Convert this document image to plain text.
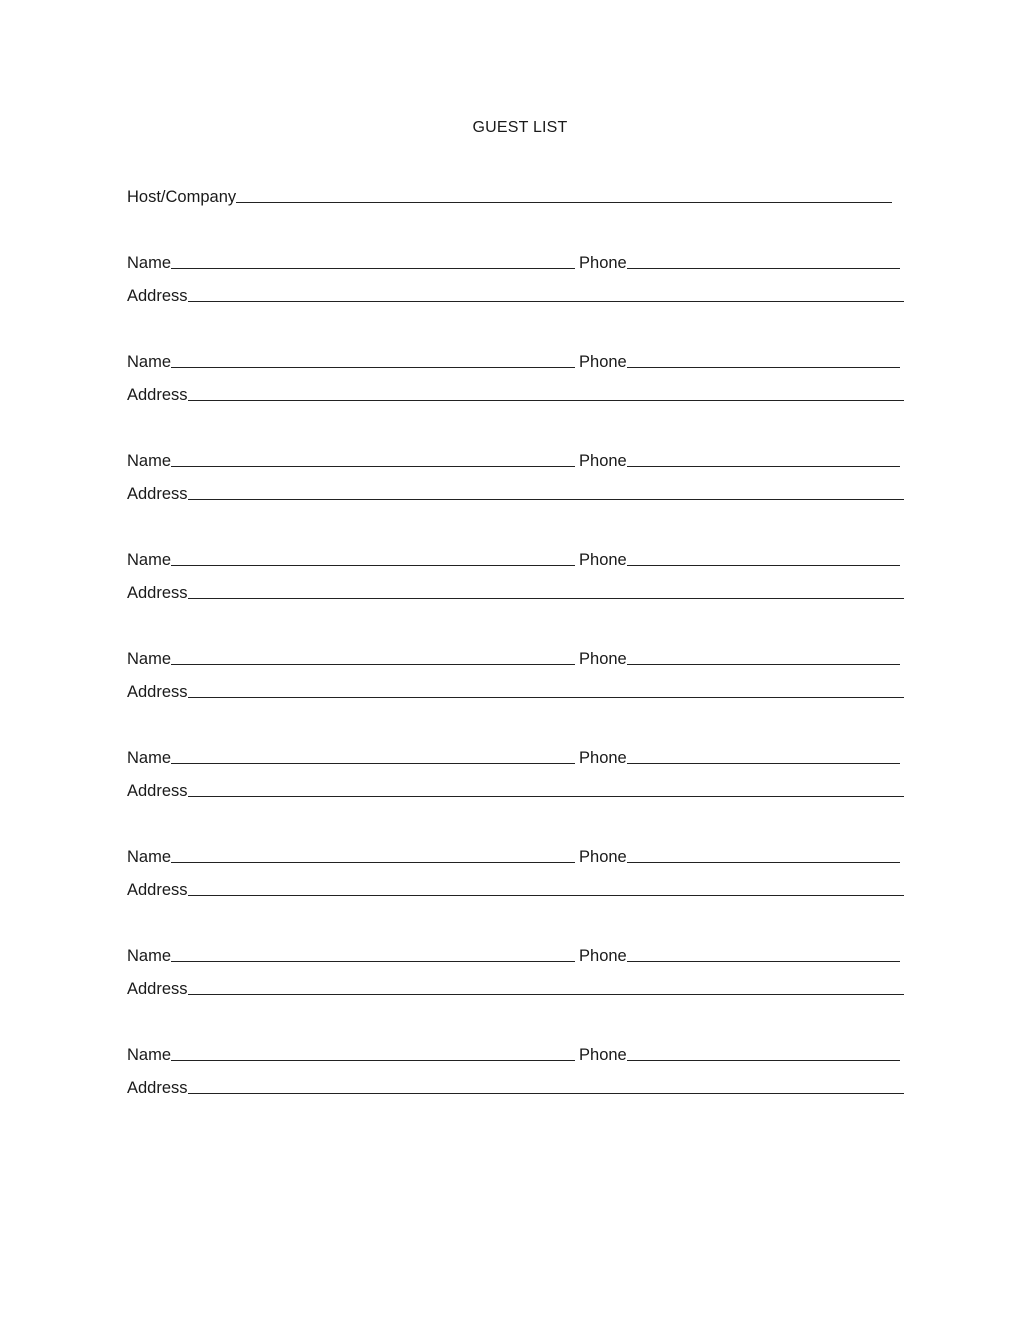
GUEST LIST
Host/Company
Name	Phone
Address
Name	Phone
Address
Name	Phone
Address
Name	Phone
Address
Name	Phone
Address
Name	Phone
Address
Name	Phone
Address
Name	Phone
Address
Name	Phone
Address
